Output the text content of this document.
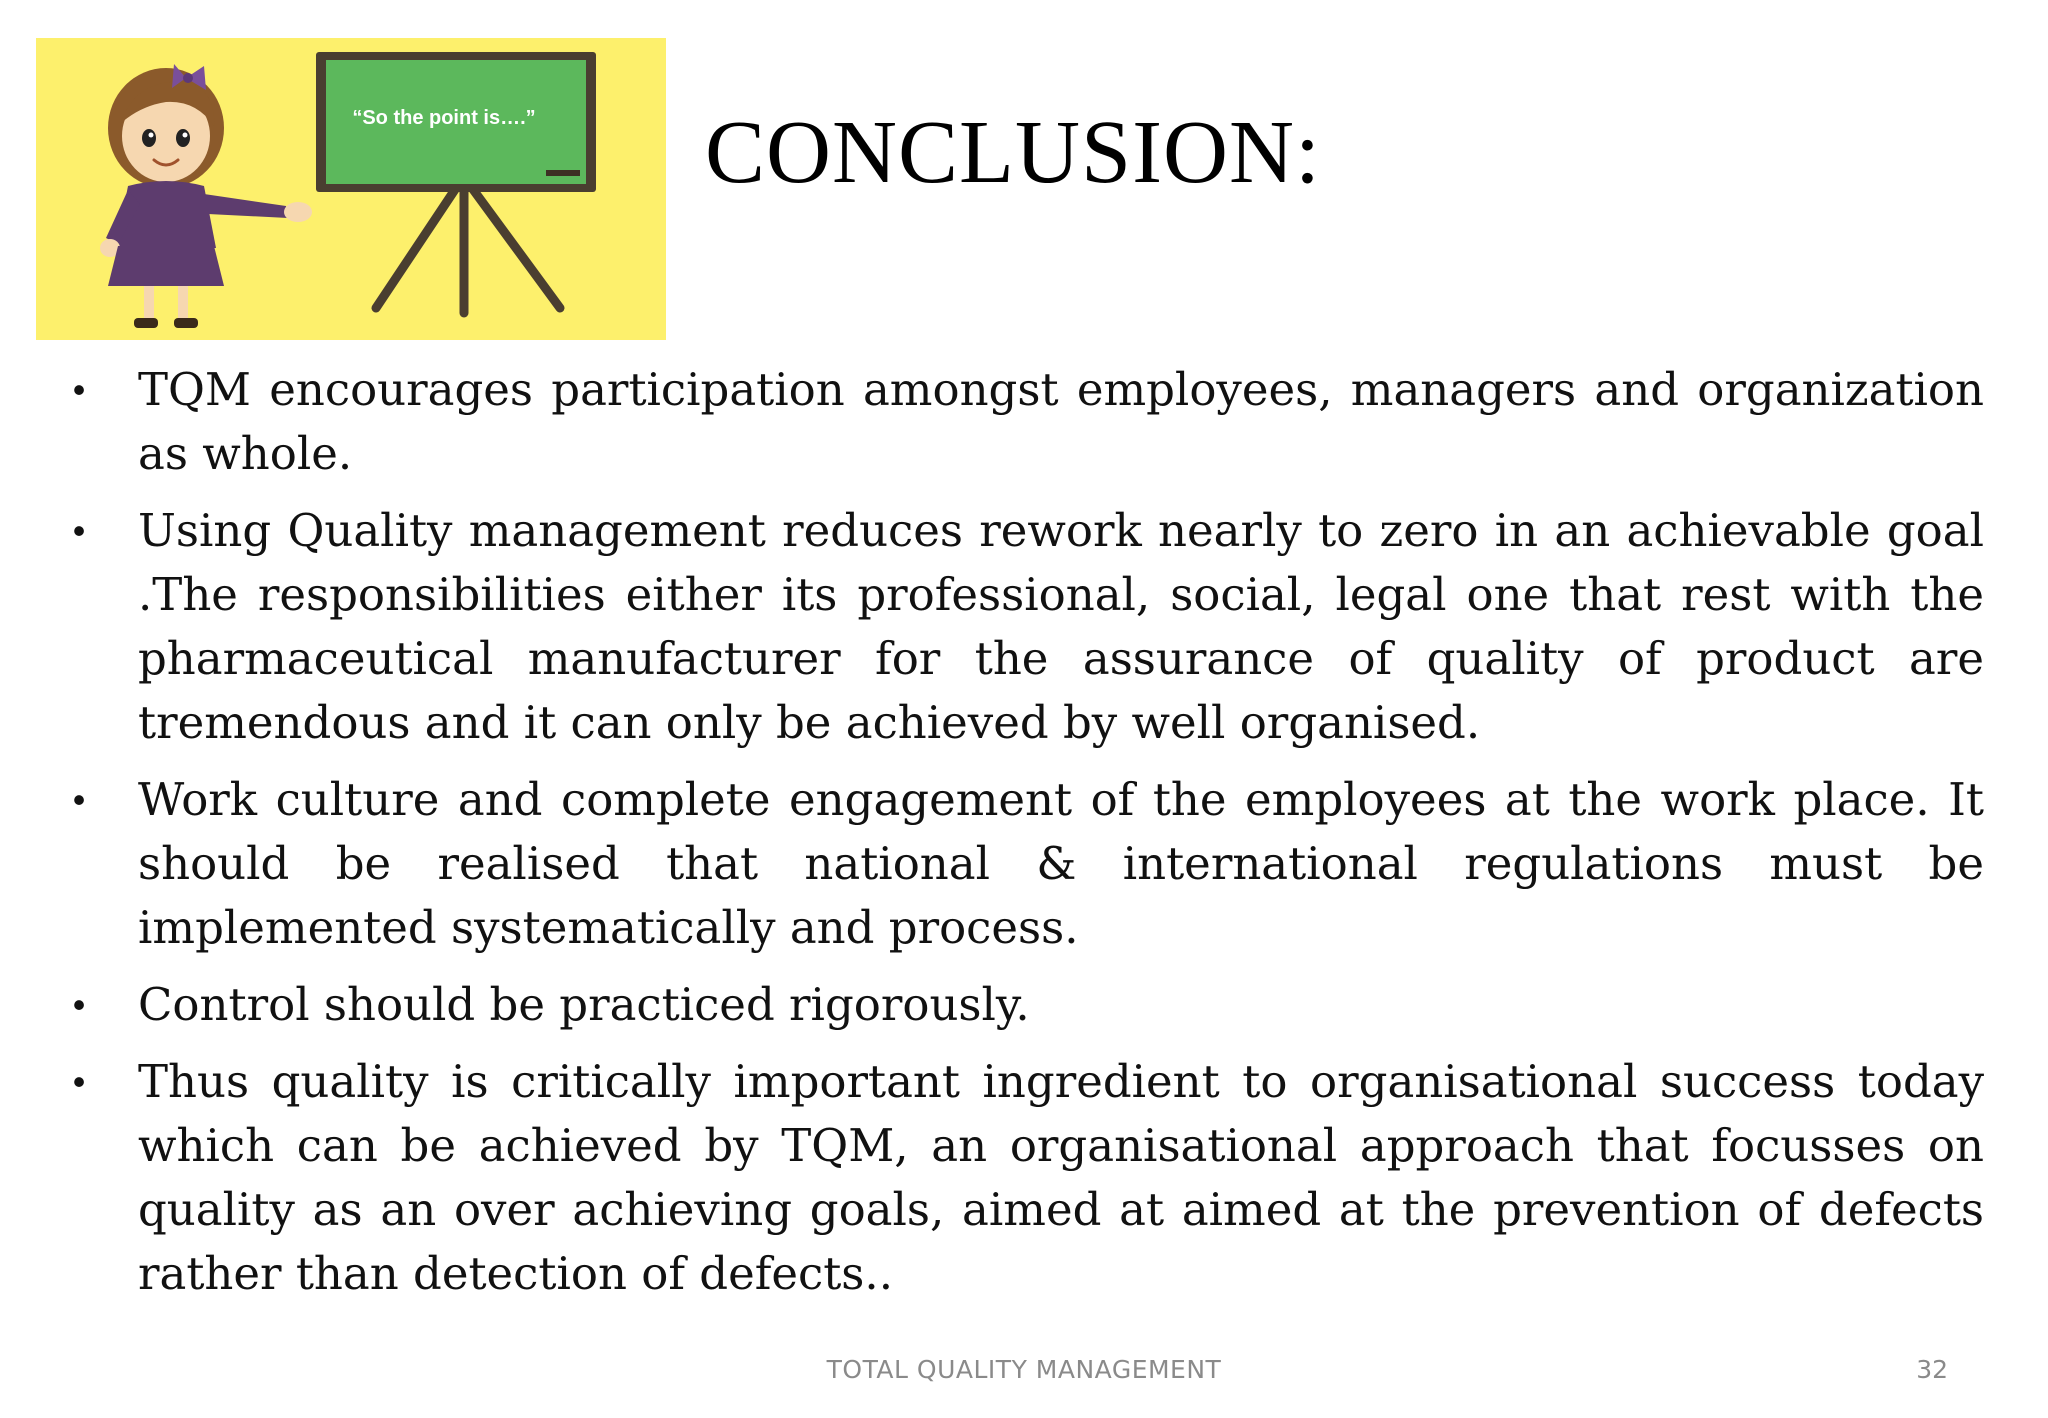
“So the point is….” CONCLUSION:
• TQM encourages participation amongst employees, managers and organization as whole.
• Using Quality management reduces rework nearly to zero in an achievable goal .The responsibilities either its professional, social, legal one that rest with the pharmaceutical manufacturer for the assurance of quality of product are tremendous and it can only be achieved by well organised.
• Work culture and complete engagement of the employees at the work place. It should be realised that national & international regulations must be implemented systematically and process.
• Control should be practiced rigorously.
• Thus quality is critically important ingredient to organisational success today which can be achieved by TQM, an organisational approach that focusses on quality as an over achieving goals, aimed at aimed at the prevention of defects rather than detection of defects..
TOTAL QUALITY MANAGEMENT	32
